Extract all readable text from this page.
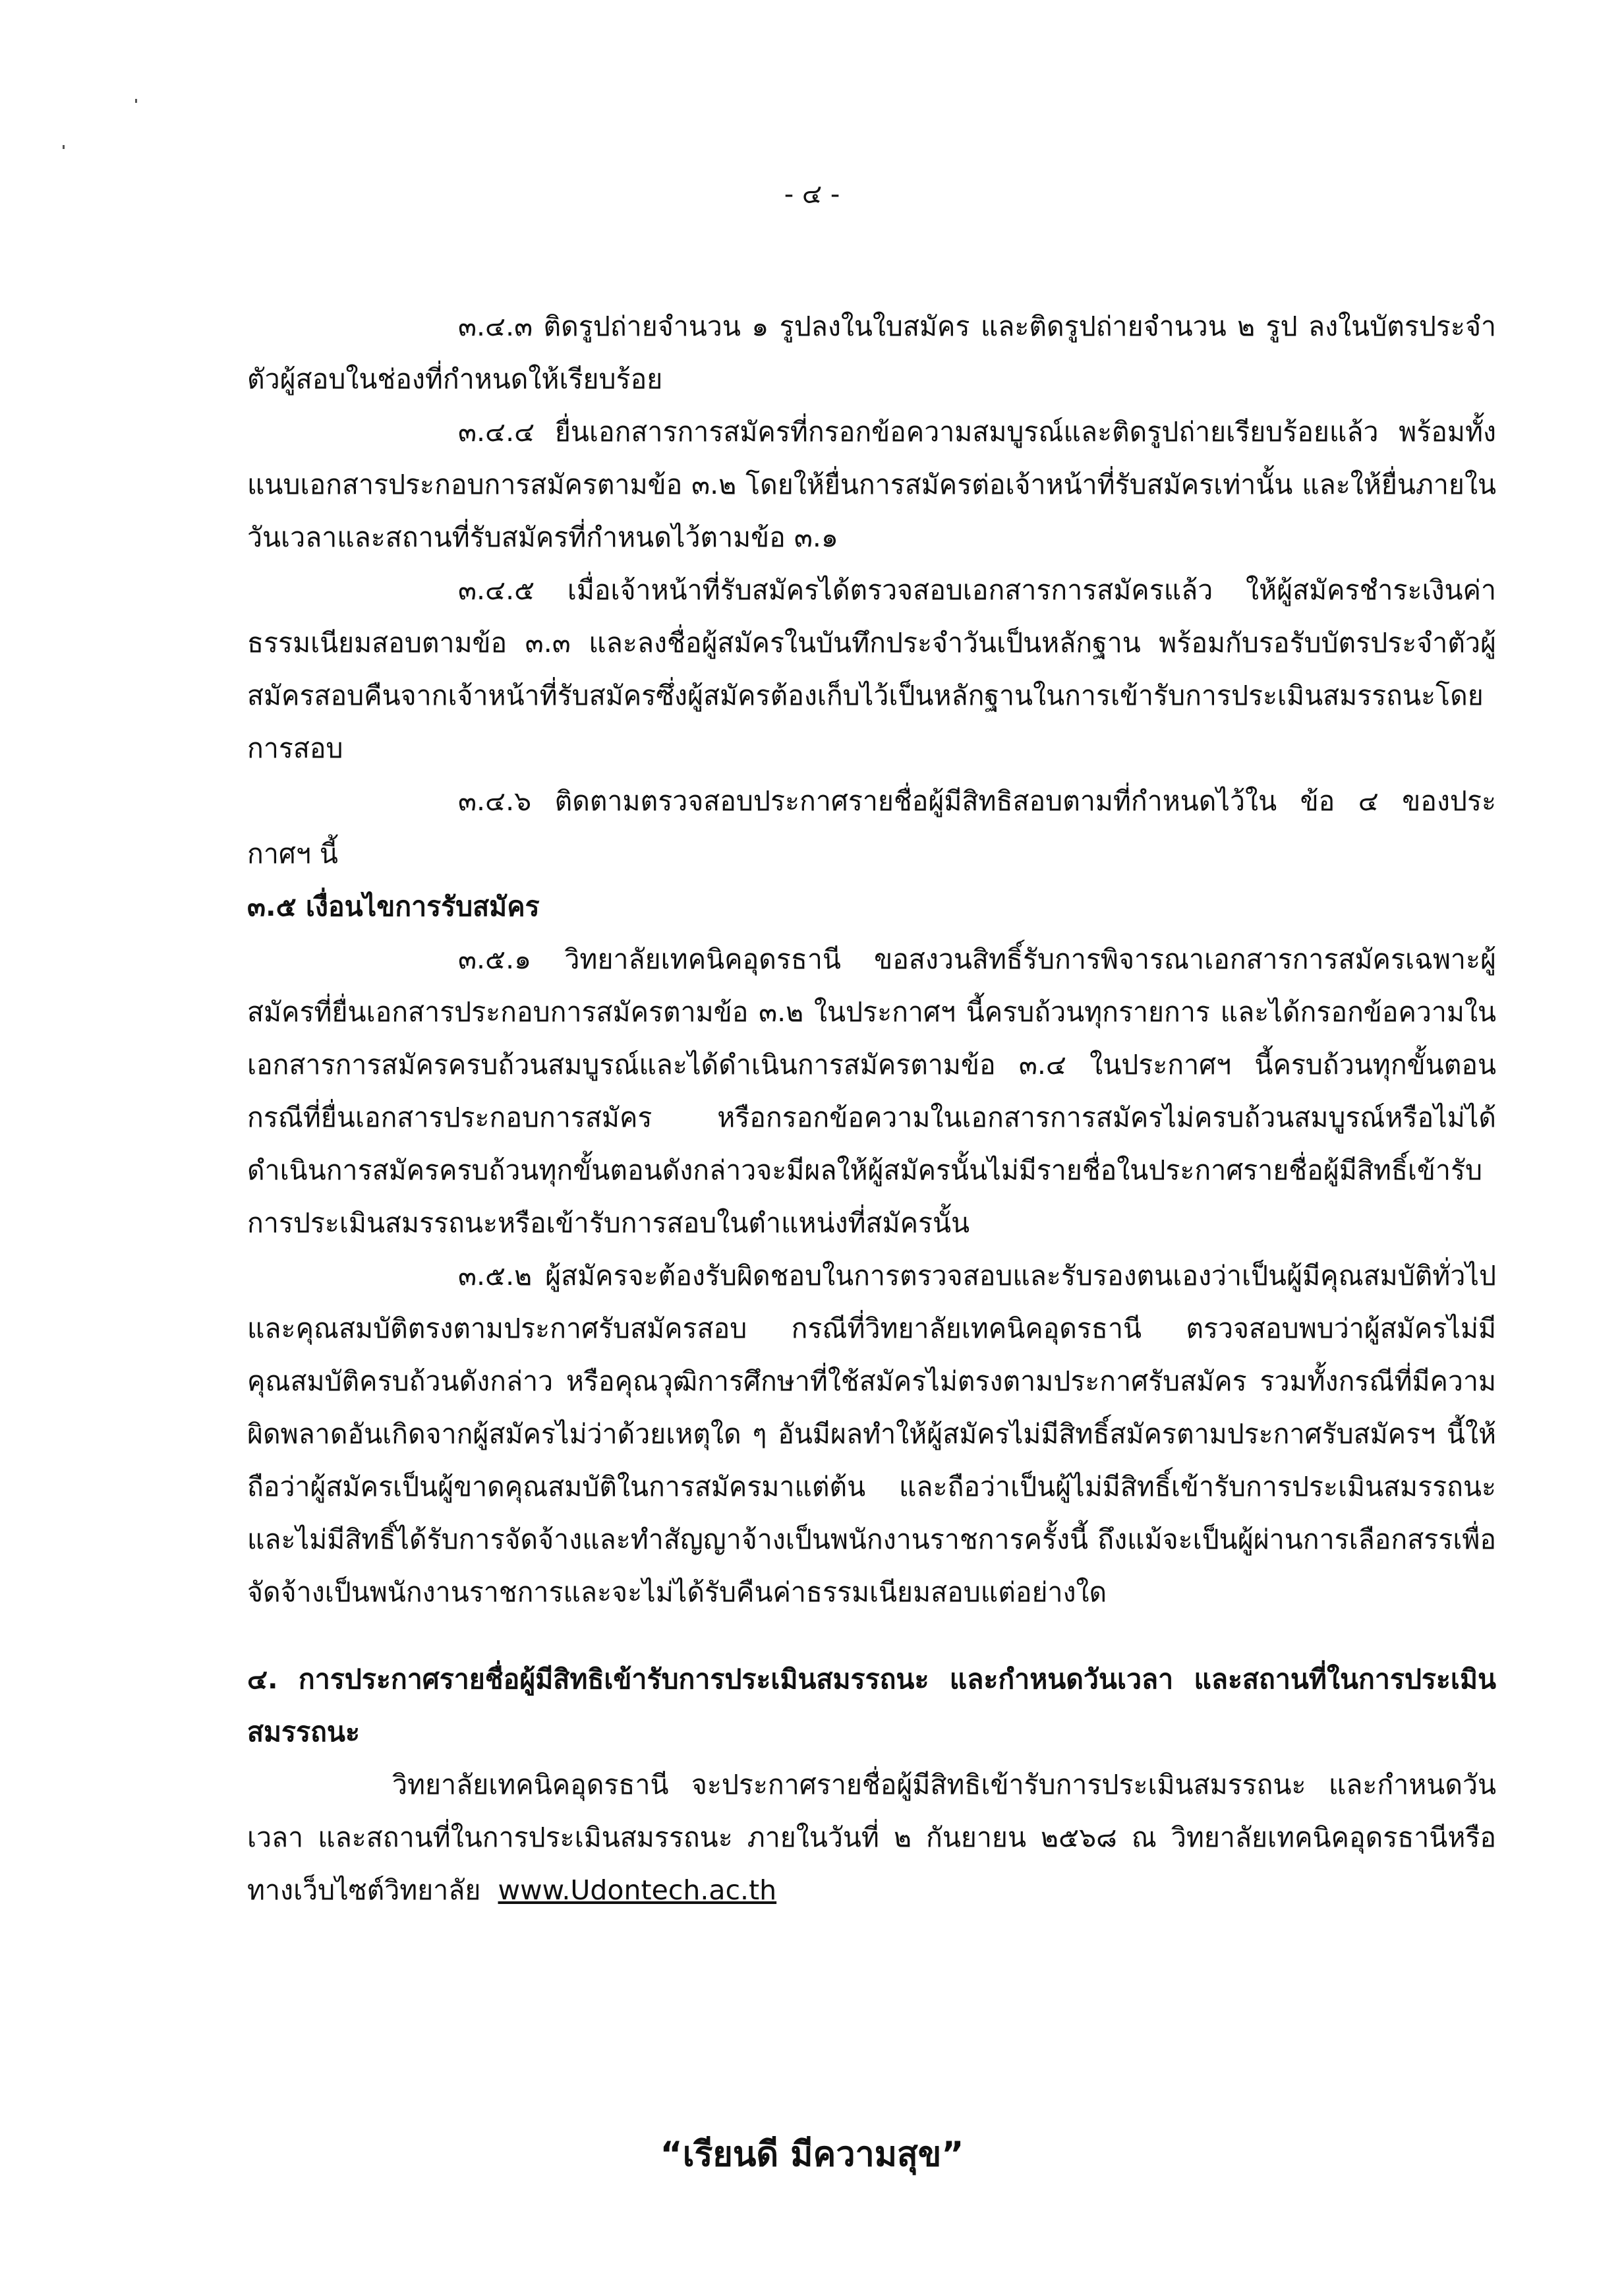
- ๔ -

๓.๔.๓ ติดรูปถ่ายจำนวน ๑ รูปลงในใบสมัคร และติดรูปถ่ายจำนวน ๒ รูป ลงในบัตรประจำตัวผู้สอบในช่องที่กำหนดให้เรียบร้อย

๓.๔.๔ ยื่นเอกสารการสมัครที่กรอกข้อความสมบูรณ์และติดรูปถ่ายเรียบร้อยแล้ว พร้อมทั้งแนบเอกสารประกอบการสมัครตามข้อ ๓.๒ โดยให้ยื่นการสมัครต่อเจ้าหน้าที่รับสมัครเท่านั้น และให้ยื่นภายในวันเวลาและสถานที่รับสมัครที่กำหนดไว้ตามข้อ ๓.๑

๓.๔.๕ เมื่อเจ้าหน้าที่รับสมัครได้ตรวจสอบเอกสารการสมัครแล้ว ให้ผู้สมัครชำระเงินค่าธรรมเนียมสอบตามข้อ ๓.๓ และลงชื่อผู้สมัครในบันทึกประจำวันเป็นหลักฐาน พร้อมกับรอรับบัตรประจำตัวผู้สมัครสอบคืนจากเจ้าหน้าที่รับสมัครซึ่งผู้สมัครต้องเก็บไว้เป็นหลักฐานในการเข้ารับการประเมินสมรรถนะโดยการสอบ

๓.๔.๖ ติดตามตรวจสอบประกาศรายชื่อผู้มีสิทธิสอบตามที่กำหนดไว้ใน ข้อ ๔ ของประกาศฯ นี้

๓.๕ เงื่อนไขการรับสมัคร

๓.๕.๑ วิทยาลัยเทคนิคอุดรธานี ขอสงวนสิทธิ์รับการพิจารณาเอกสารการสมัครเฉพาะผู้สมัครที่ยื่นเอกสารประกอบการสมัครตามข้อ ๓.๒ ในประกาศฯ นี้ครบถ้วนทุกรายการ และได้กรอกข้อความในเอกสารการสมัครครบถ้วนสมบูรณ์และได้ดำเนินการสมัครตามข้อ ๓.๔ ในประกาศฯ นี้ครบถ้วนทุกขั้นตอน กรณีที่ยื่นเอกสารประกอบการสมัคร หรือกรอกข้อความในเอกสารการสมัครไม่ครบถ้วนสมบูรณ์หรือไม่ได้ดำเนินการสมัครครบถ้วนทุกขั้นตอนดังกล่าวจะมีผลให้ผู้สมัครนั้นไม่มีรายชื่อในประกาศรายชื่อผู้มีสิทธิ์เข้ารับการประเมินสมรรถนะหรือเข้ารับการสอบในตำแหน่งที่สมัครนั้น

๓.๕.๒ ผู้สมัครจะต้องรับผิดชอบในการตรวจสอบและรับรองตนเองว่าเป็นผู้มีคุณสมบัติทั่วไปและคุณสมบัติตรงตามประกาศรับสมัครสอบ กรณีที่วิทยาลัยเทคนิคอุดรธานี ตรวจสอบพบว่าผู้สมัครไม่มีคุณสมบัติครบถ้วนดังกล่าว หรือคุณวุฒิการศึกษาที่ใช้สมัครไม่ตรงตามประกาศรับสมัคร รวมทั้งกรณีที่มีความผิดพลาดอันเกิดจากผู้สมัครไม่ว่าด้วยเหตุใด ๆ อันมีผลทำให้ผู้สมัครไม่มีสิทธิ์สมัครตามประกาศรับสมัครฯ นี้ให้ถือว่าผู้สมัครเป็นผู้ขาดคุณสมบัติในการสมัครมาแต่ต้น และถือว่าเป็นผู้ไม่มีสิทธิ์เข้ารับการประเมินสมรรถนะและไม่มีสิทธิ์ได้รับการจัดจ้างและทำสัญญาจ้างเป็นพนักงานราชการครั้งนี้ ถึงแม้จะเป็นผู้ผ่านการเลือกสรรเพื่อจัดจ้างเป็นพนักงานราชการและจะไม่ได้รับคืนค่าธรรมเนียมสอบแต่อย่างใด

๔. การประกาศรายชื่อผู้มีสิทธิเข้ารับการประเมินสมรรถนะ และกำหนดวันเวลา และสถานที่ในการประเมินสมรรถนะ

วิทยาลัยเทคนิคอุดรธานี จะประกาศรายชื่อผู้มีสิทธิเข้ารับการประเมินสมรรถนะ และกำหนดวันเวลา และสถานที่ในการประเมินสมรรถนะ ภายในวันที่ ๒ กันยายน ๒๕๖๘ ณ วิทยาลัยเทคนิคอุดรธานีหรือทางเว็บไซต์วิทยาลัย www.Udontech.ac.th

“เรียนดี มีความสุข”
